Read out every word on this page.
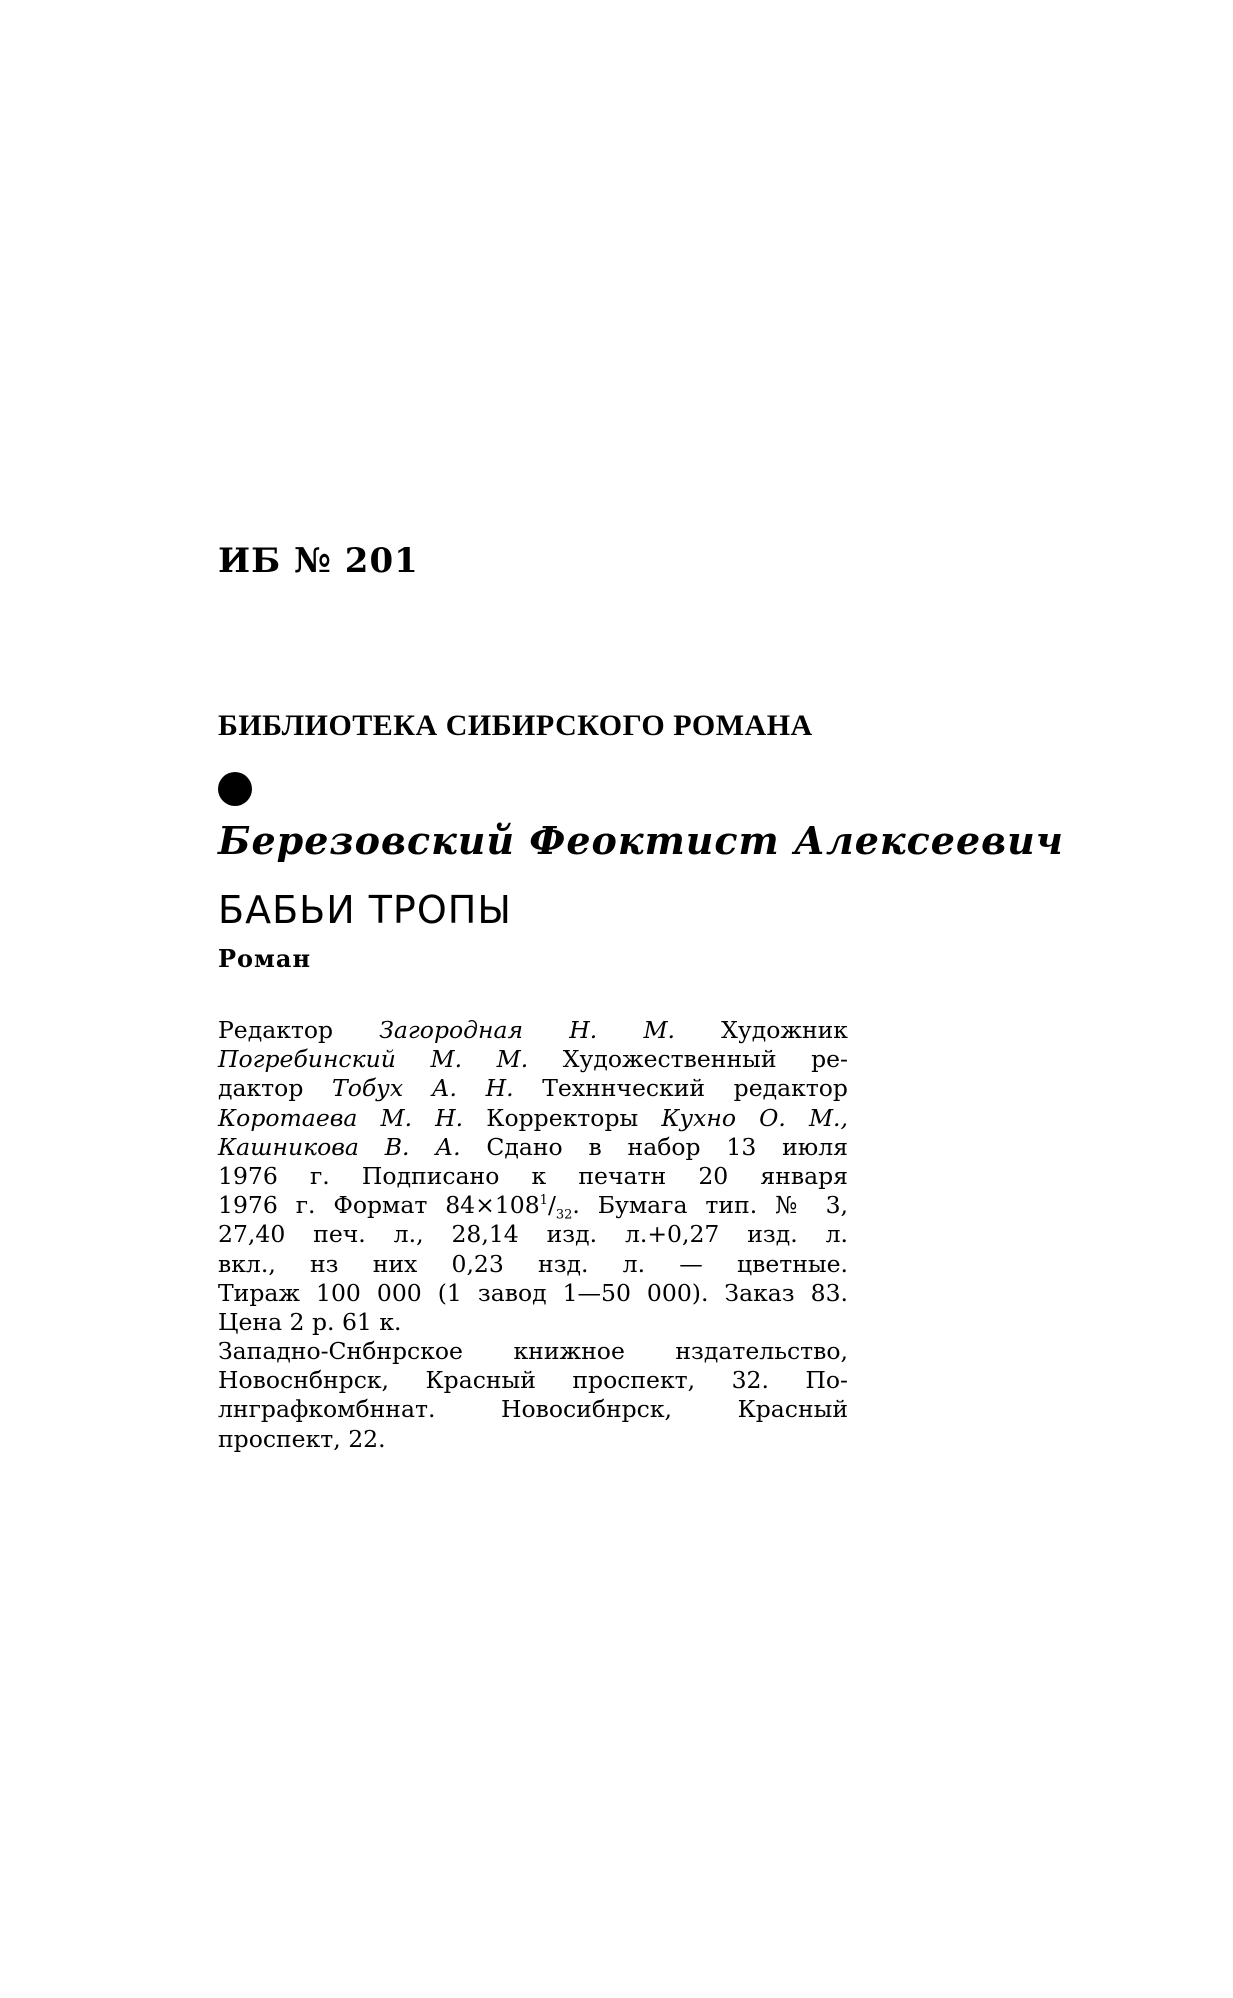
ИБ № 201
БИБЛИОТЕКА СИБИРСКОГО РОМАНА
Березовский Феоктист Алексеевич
БАБЬИ ТРОПЫ
Роман
Редактор Загородная Н. М. Художник
Погребинский М. М. Художественный ре-
дактор Тобух А. Н. Техннческий редактор
Коротаева М. Н. Корректоры Кухно О. М.,
Кашникова В. А. Сдано в набор 13 июля
1976 г. Подписано к печатн 20 января
1976 г. Формат $84\times 108^1/_{32}$. Бумага тип. № 3,
27,40 печ. л., 28,14 изд. л.+0,27 изд. л.
вкл., нз них 0,23 нзд. л. — цветные.
Тираж 100 000 (1 завод 1—50 000). Заказ 83.
Цена 2 р. 61 к.
Западно-Снбнрское книжное нздательство,
Новоснбнрск, Красный проспект, 32. По-
лнграфкомбннат. Новосибнрск, Красный
проспект, 22.
